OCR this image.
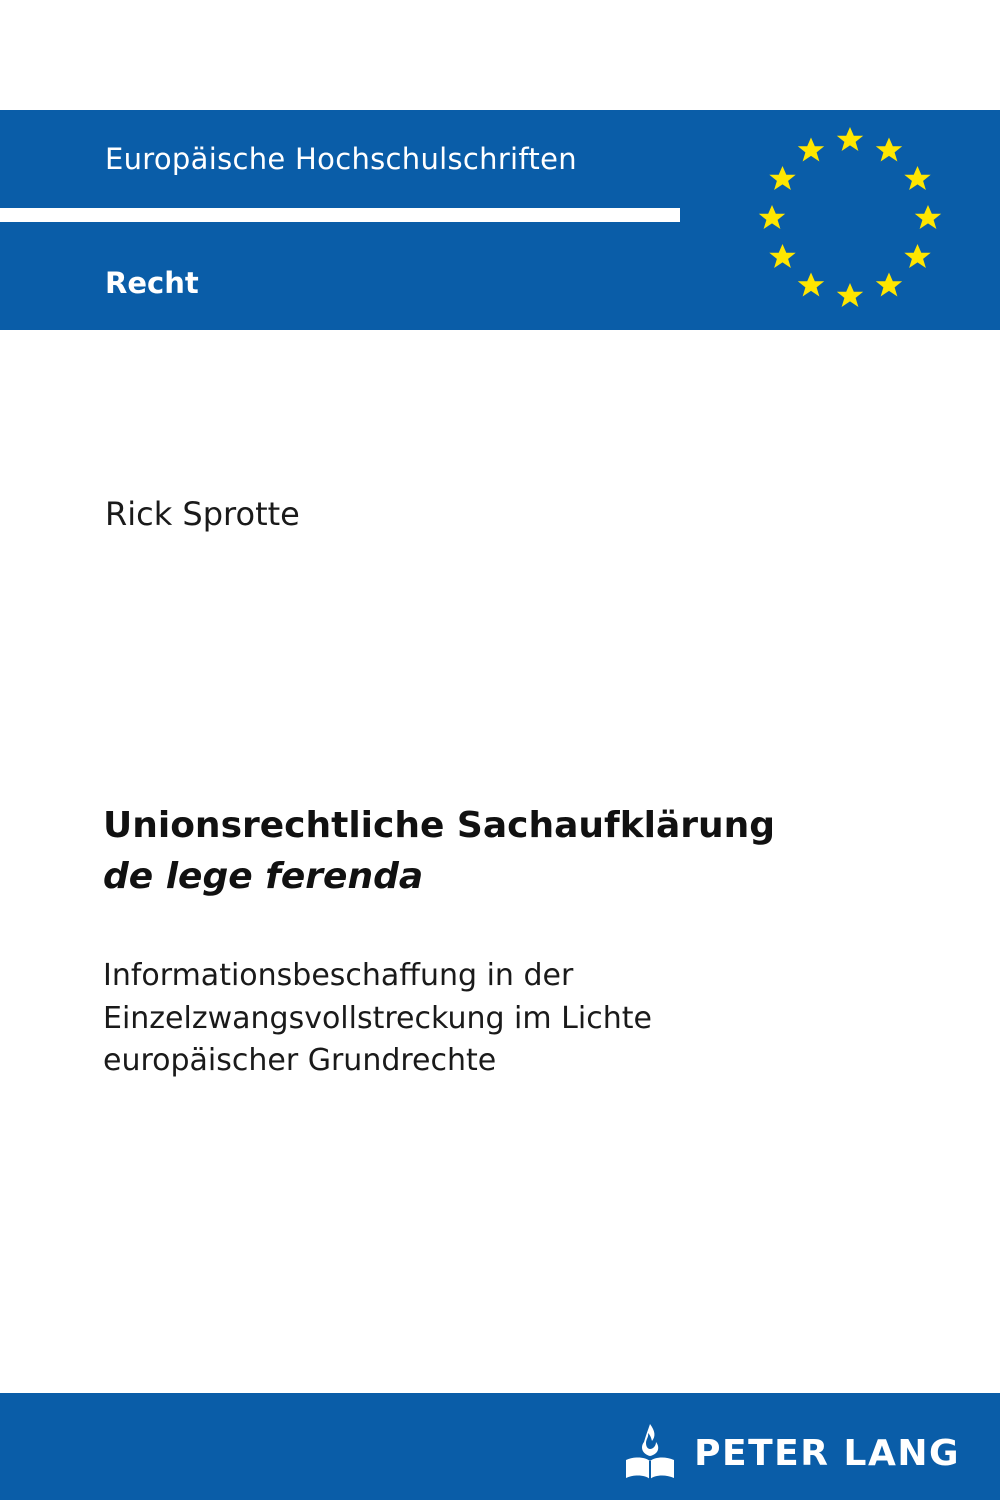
Europäische Hochschulschriften
Recht
Rick Sprotte
Unionsrechtliche Sachaufklärung
de lege ferenda
Informationsbeschaffung in der Einzelzwangsvollstreckung im Lichte europäischer Grundrechte
PETER LANG
